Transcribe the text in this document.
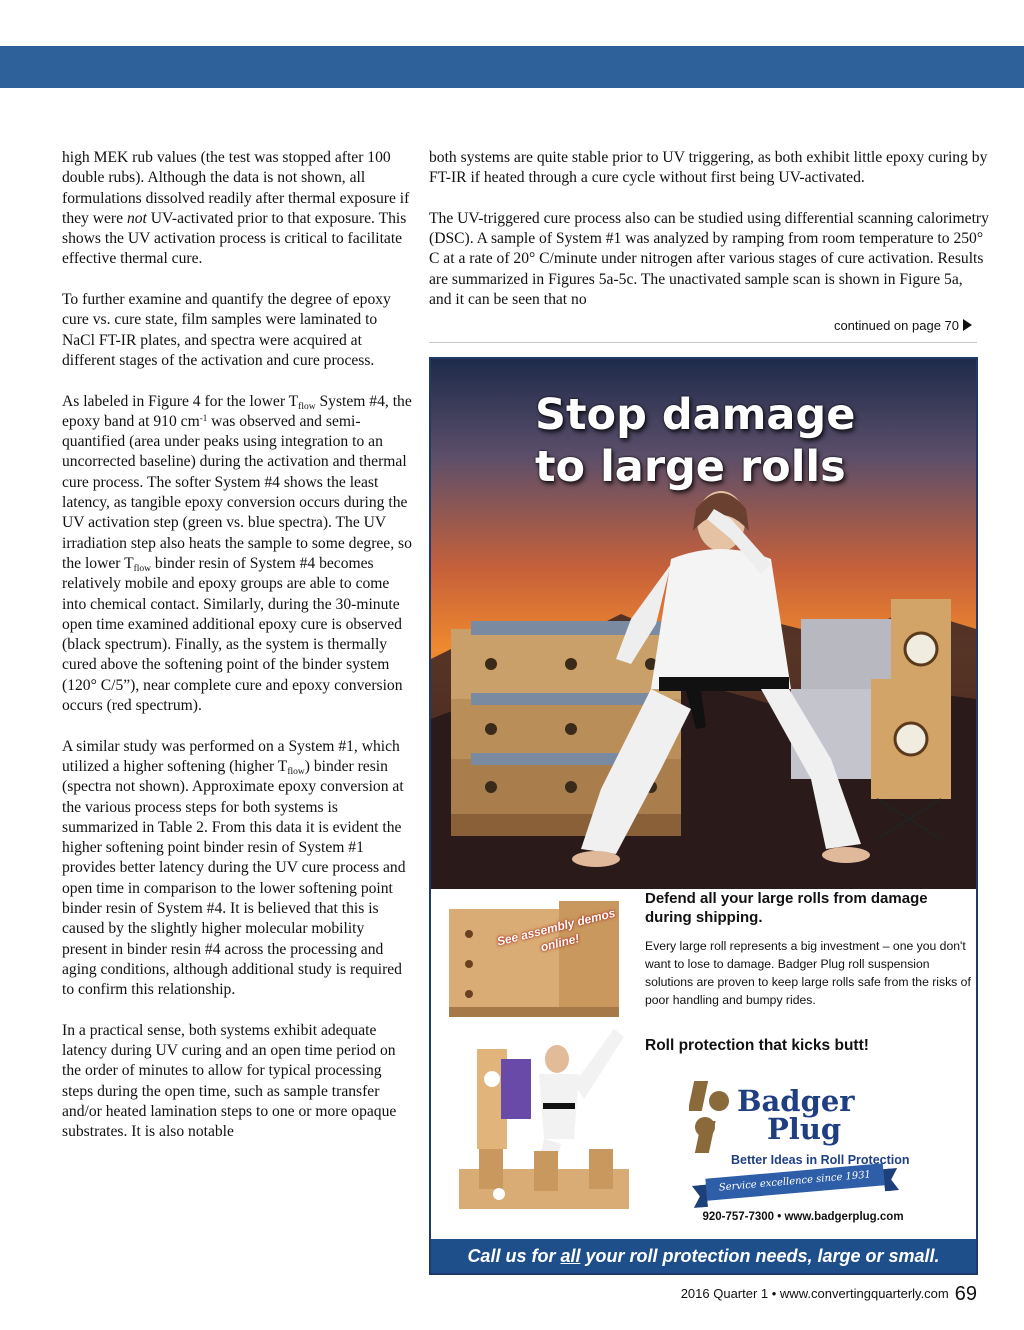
high MEK rub values (the test was stopped after 100 double rubs). Although the data is not shown, all formulations dissolved readily after thermal exposure if they were not UV-activated prior to that exposure. This shows the UV activation process is critical to facilitate effective thermal cure.

To further examine and quantify the degree of epoxy cure vs. cure state, film samples were laminated to NaCl FT-IR plates, and spectra were acquired at different stages of the activation and cure process.

As labeled in Figure 4 for the lower $T_{flow}$ System #4, the epoxy band at 910 $cm^{-1}$ was observed and semi-quantified (area under peaks using integration to an uncorrected baseline) during the activation and thermal cure process. The softer System #4 shows the least latency, as tangible epoxy conversion occurs during the UV activation step (green vs. blue spectra). The UV irradiation step also heats the sample to some degree, so the lower $T_{flow}$ binder resin of System #4 becomes relatively mobile and epoxy groups are able to come into chemical contact. Similarly, during the 30-minute open time examined additional epoxy cure is observed (black spectrum). Finally, as the system is thermally cured above the softening point of the binder system (120° C/5”), near complete cure and epoxy conversion occurs (red spectrum).

A similar study was performed on a System #1, which utilized a higher softening (higher $T_{flow}$) binder resin (spectra not shown). Approximate epoxy conversion at the various process steps for both systems is summarized in Table 2. From this data it is evident the higher softening point binder resin of System #1 provides better latency during the UV cure process and open time in comparison to the lower softening point binder resin of System #4. It is believed that this is caused by the slightly higher molecular mobility present in binder resin #4 across the processing and aging conditions, although additional study is required to confirm this relationship.

In a practical sense, both systems exhibit adequate latency during UV curing and an open time period on the order of minutes to allow for typical processing steps during the open time, such as sample transfer and/or heated lamination steps to one or more opaque substrates. It is also notable

both systems are quite stable prior to UV triggering, as both exhibit little epoxy curing by FT-IR if heated through a cure cycle without first being UV-activated.

The UV-triggered cure process also can be studied using differential scanning calorimetry (DSC). A sample of System #1 was analyzed by ramping from room temperature to 250° C at a rate of 20° C/minute under nitrogen after various stages of cure activation. Results are summarized in Figures 5a-5c. The unactivated sample scan is shown in Figure 5a, and it can be seen that no

continued on page 70
Stop damage
to large rolls
See assembly demos online!
Defend all your large rolls from damage during shipping.
Every large roll represents a big investment – one you don't want to lose to damage. Badger Plug roll suspension solutions are proven to keep large rolls safe from the risks of poor handling and bumpy rides.
Roll protection that kicks butt!
Badger
Plug
Better Ideas in Roll Protection
Service excellence since 1931
920-757-7300 • www.badgerplug.com
Call us for all your roll protection needs, large or small.
2016 Quarter 1 • www.convertingquarterly.com 69
